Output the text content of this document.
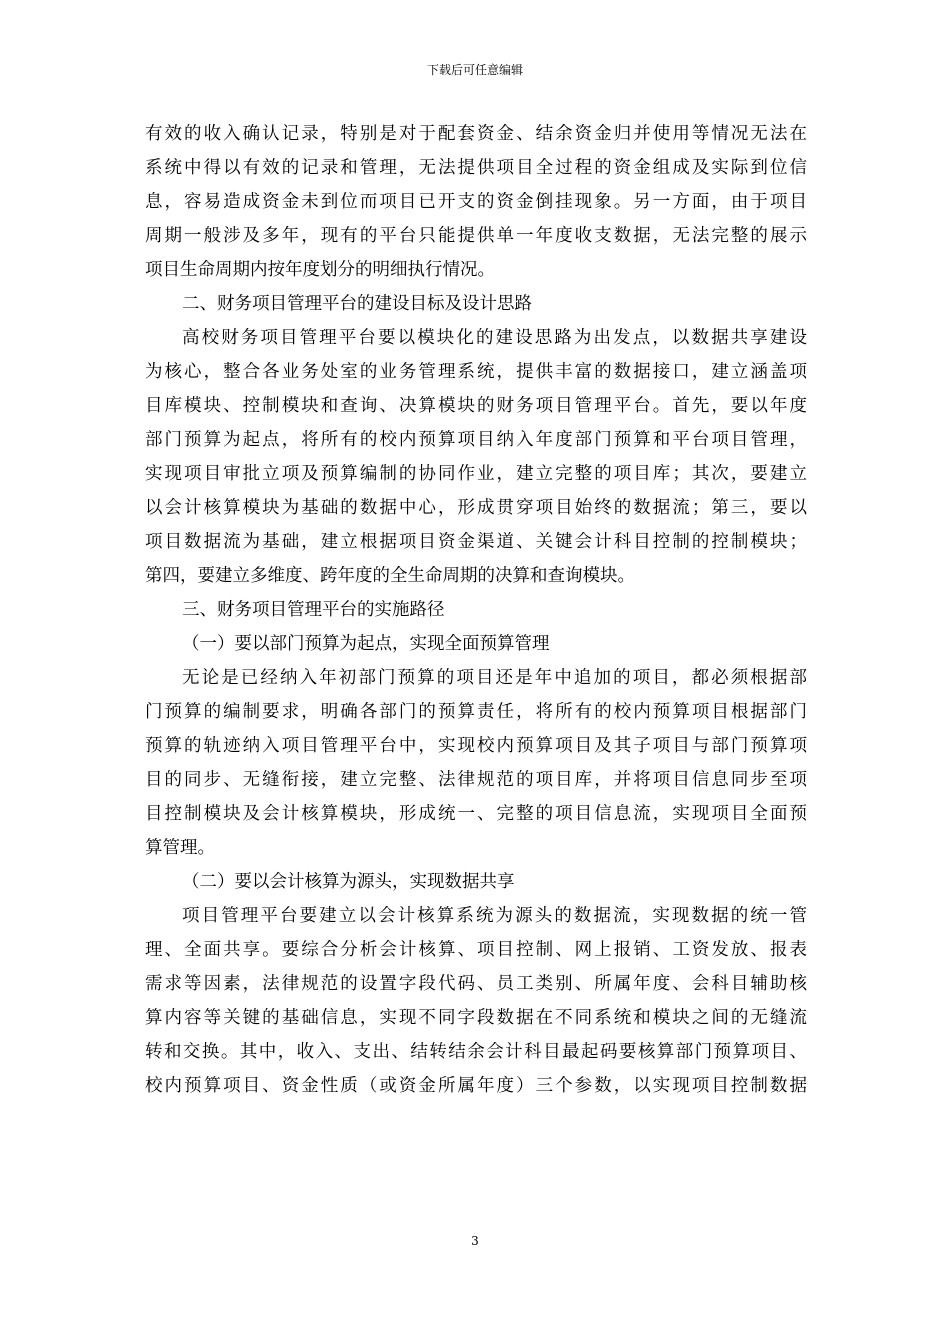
下载后可任意编辑
有效的收入确认记录，特别是对于配套资金、结余资金归并使用等情况无法在
系统中得以有效的记录和管理，无法提供项目全过程的资金组成及实际到位信
息，容易造成资金未到位而项目已开支的资金倒挂现象。另一方面，由于项目
周期一般涉及多年，现有的平台只能提供单一年度收支数据，无法完整的展示
项目生命周期内按年度划分的明细执行情况。
二、财务项目管理平台的建设目标及设计思路
高校财务项目管理平台要以模块化的建设思路为出发点，以数据共享建设
为核心，整合各业务处室的业务管理系统，提供丰富的数据接口，建立涵盖项
目库模块、控制模块和查询、决算模块的财务项目管理平台。首先，要以年度
部门预算为起点，将所有的校内预算项目纳入年度部门预算和平台项目管理，
实现项目审批立项及预算编制的协同作业，建立完整的项目库；其次，要建立
以会计核算模块为基础的数据中心，形成贯穿项目始终的数据流；第三，要以
项目数据流为基础，建立根据项目资金渠道、关键会计科目控制的控制模块；
第四，要建立多维度、跨年度的全生命周期的决算和查询模块。
三、财务项目管理平台的实施路径
（一）要以部门预算为起点，实现全面预算管理
无论是已经纳入年初部门预算的项目还是年中追加的项目，都必须根据部
门预算的编制要求，明确各部门的预算责任，将所有的校内预算项目根据部门
预算的轨迹纳入项目管理平台中，实现校内预算项目及其子项目与部门预算项
目的同步、无缝衔接，建立完整、法律规范的项目库，并将项目信息同步至项
目控制模块及会计核算模块，形成统一、完整的项目信息流，实现项目全面预
算管理。
（二）要以会计核算为源头，实现数据共享
项目管理平台要建立以会计核算系统为源头的数据流，实现数据的统一管
理、全面共享。要综合分析会计核算、项目控制、网上报销、工资发放、报表
需求等因素，法律规范的设置字段代码、员工类别、所属年度、会科目辅助核
算内容等关键的基础信息，实现不同字段数据在不同系统和模块之间的无缝流
转和交换。其中，收入、支出、结转结余会计科目最起码要核算部门预算项目、
校内预算项目、资金性质（或资金所属年度）三个参数，以实现项目控制数据
3
